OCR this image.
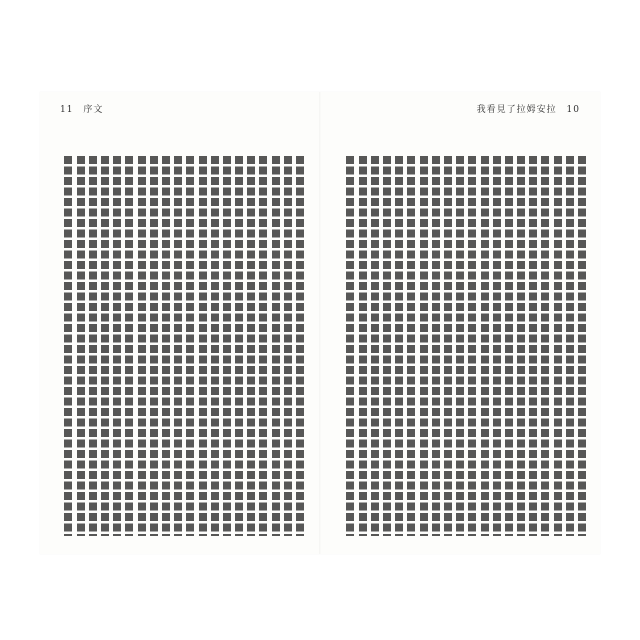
11 序文	我看見了拉姆安拉 10
